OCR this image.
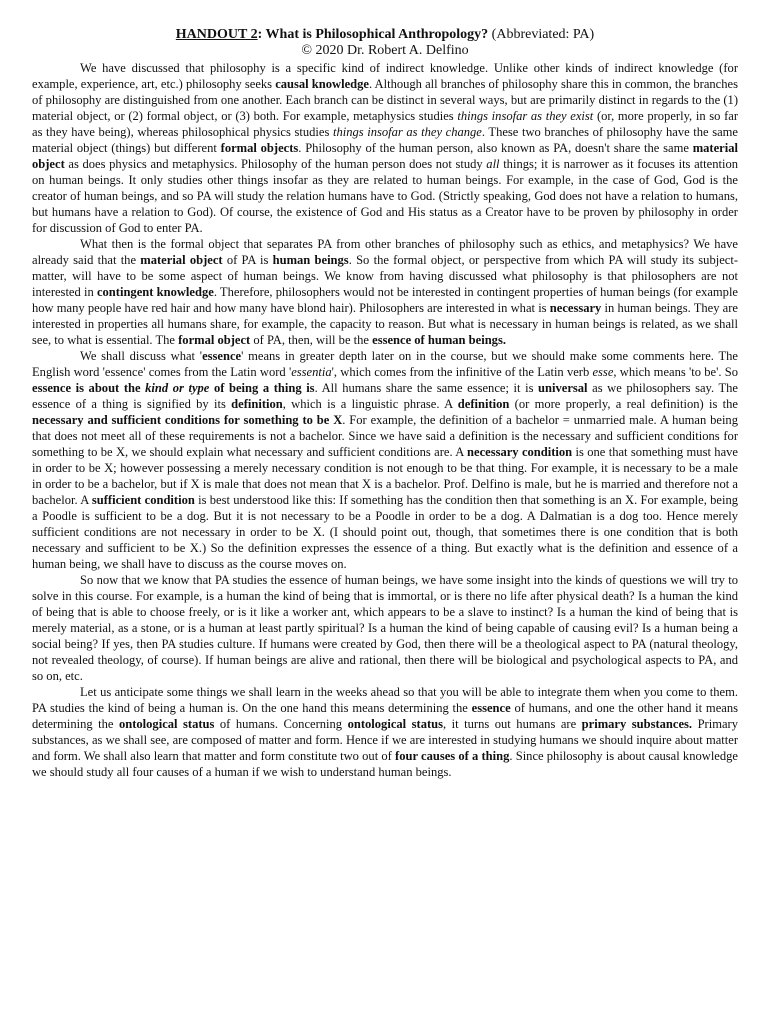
HANDOUT 2: What is Philosophical Anthropology? (Abbreviated: PA)
© 2020 Dr. Robert A. Delfino

We have discussed that philosophy is a specific kind of indirect knowledge. Unlike other kinds of indirect knowledge (for example, experience, art, etc.) philosophy seeks causal knowledge. Although all branches of philosophy share this in common, the branches of philosophy are distinguished from one another. Each branch can be distinct in several ways, but are primarily distinct in regards to the (1) material object, or (2) formal object, or (3) both. For example, metaphysics studies things insofar as they exist (or, more properly, in so far as they have being), whereas philosophical physics studies things insofar as they change. These two branches of philosophy have the same material object (things) but different formal objects. Philosophy of the human person, also known as PA, doesn't share the same material object as does physics and metaphysics. Philosophy of the human person does not study all things; it is narrower as it focuses its attention on human beings. It only studies other things insofar as they are related to human beings. For example, in the case of God, God is the creator of human beings, and so PA will study the relation humans have to God. (Strictly speaking, God does not have a relation to humans, but humans have a relation to God). Of course, the existence of God and His status as a Creator have to be proven by philosophy in order for discussion of God to enter PA.

What then is the formal object that separates PA from other branches of philosophy such as ethics, and metaphysics? We have already said that the material object of PA is human beings. So the formal object, or perspective from which PA will study its subject-matter, will have to be some aspect of human beings. We know from having discussed what philosophy is that philosophers are not interested in contingent knowledge. Therefore, philosophers would not be interested in contingent properties of human beings (for example how many people have red hair and how many have blond hair). Philosophers are interested in what is necessary in human beings. They are interested in properties all humans share, for example, the capacity to reason. But what is necessary in human beings is related, as we shall see, to what is essential. The formal object of PA, then, will be the essence of human beings.

We shall discuss what 'essence' means in greater depth later on in the course, but we should make some comments here. The English word 'essence' comes from the Latin word 'essentia', which comes from the infinitive of the Latin verb esse, which means 'to be'. So essence is about the kind or type of being a thing is. All humans share the same essence; it is universal as we philosophers say. The essence of a thing is signified by its definition, which is a linguistic phrase. A definition (or more properly, a real definition) is the necessary and sufficient conditions for something to be X. For example, the definition of a bachelor = unmarried male. A human being that does not meet all of these requirements is not a bachelor. Since we have said a definition is the necessary and sufficient conditions for something to be X, we should explain what necessary and sufficient conditions are. A necessary condition is one that something must have in order to be X; however possessing a merely necessary condition is not enough to be that thing. For example, it is necessary to be a male in order to be a bachelor, but if X is male that does not mean that X is a bachelor. Prof. Delfino is male, but he is married and therefore not a bachelor. A sufficient condition is best understood like this: If something has the condition then that something is an X. For example, being a Poodle is sufficient to be a dog. But it is not necessary to be a Poodle in order to be a dog. A Dalmatian is a dog too. Hence merely sufficient conditions are not necessary in order to be X. (I should point out, though, that sometimes there is one condition that is both necessary and sufficient to be X.) So the definition expresses the essence of a thing. But exactly what is the definition and essence of a human being, we shall have to discuss as the course moves on.

So now that we know that PA studies the essence of human beings, we have some insight into the kinds of questions we will try to solve in this course. For example, is a human the kind of being that is immortal, or is there no life after physical death? Is a human the kind of being that is able to choose freely, or is it like a worker ant, which appears to be a slave to instinct? Is a human the kind of being that is merely material, as a stone, or is a human at least partly spiritual? Is a human the kind of being capable of causing evil? Is a human being a social being? If yes, then PA studies culture. If humans were created by God, then there will be a theological aspect to PA (natural theology, not revealed theology, of course). If human beings are alive and rational, then there will be biological and psychological aspects to PA, and so on, etc.

Let us anticipate some things we shall learn in the weeks ahead so that you will be able to integrate them when you come to them. PA studies the kind of being a human is. On the one hand this means determining the essence of humans, and one the other hand it means determining the ontological status of humans. Concerning ontological status, it turns out humans are primary substances. Primary substances, as we shall see, are composed of matter and form. Hence if we are interested in studying humans we should inquire about matter and form. We shall also learn that matter and form constitute two out of four causes of a thing. Since philosophy is about causal knowledge we should study all four causes of a human if we wish to understand human beings.
